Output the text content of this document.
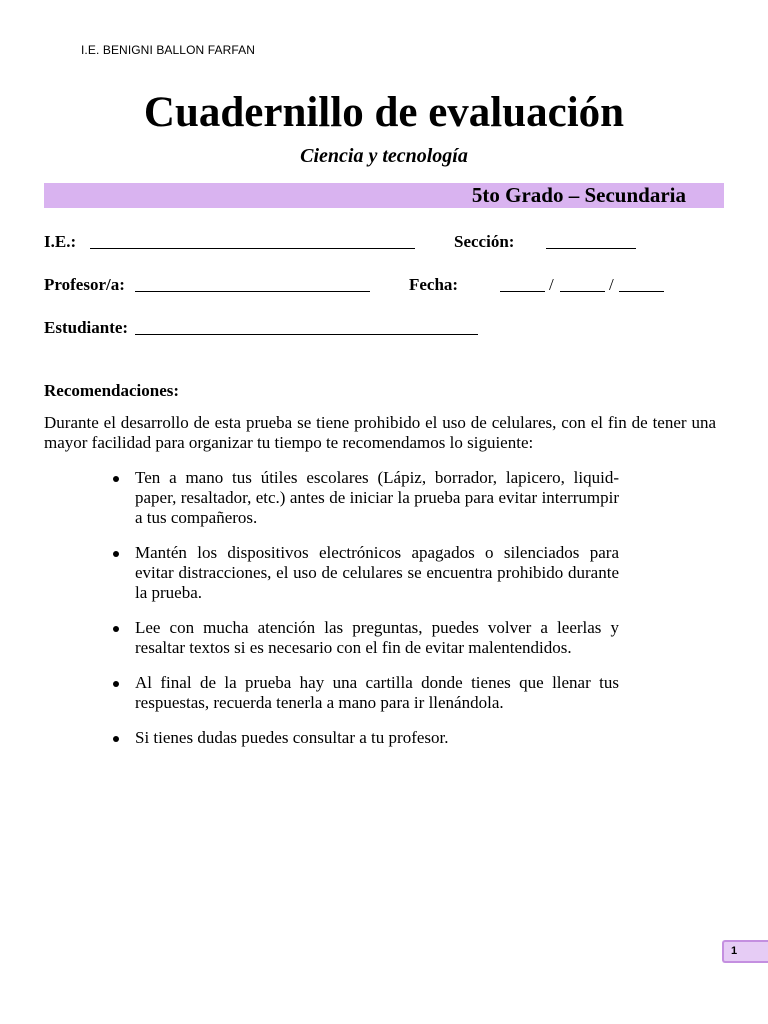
I.E. BENIGNI BALLON FARFAN
Cuadernillo de evaluación
Ciencia y tecnología
5to Grado – Secundaria
I.E.:	Sección:
Profesor/a:	Fecha:	/	/
Estudiante:
Recomendaciones:
Durante el desarrollo de esta prueba se tiene prohibido el uso de celulares, con el fin de tener una mayor facilidad para organizar tu tiempo te recomendamos lo siguiente:
Ten a mano tus útiles escolares (Lápiz, borrador, lapicero, liquid-paper, resaltador, etc.) antes de iniciar la prueba para evitar interrumpir a tus compañeros.
Mantén los dispositivos electrónicos apagados o silenciados para evitar distracciones, el uso de celulares se encuentra prohibido durante la prueba.
Lee con mucha atención las preguntas, puedes volver a leerlas y resaltar textos si es necesario con el fin de evitar malentendidos.
Al final de la prueba hay una cartilla donde tienes que llenar tus respuestas, recuerda tenerla a mano para ir llenándola.
Si tienes dudas puedes consultar a tu profesor.
1
